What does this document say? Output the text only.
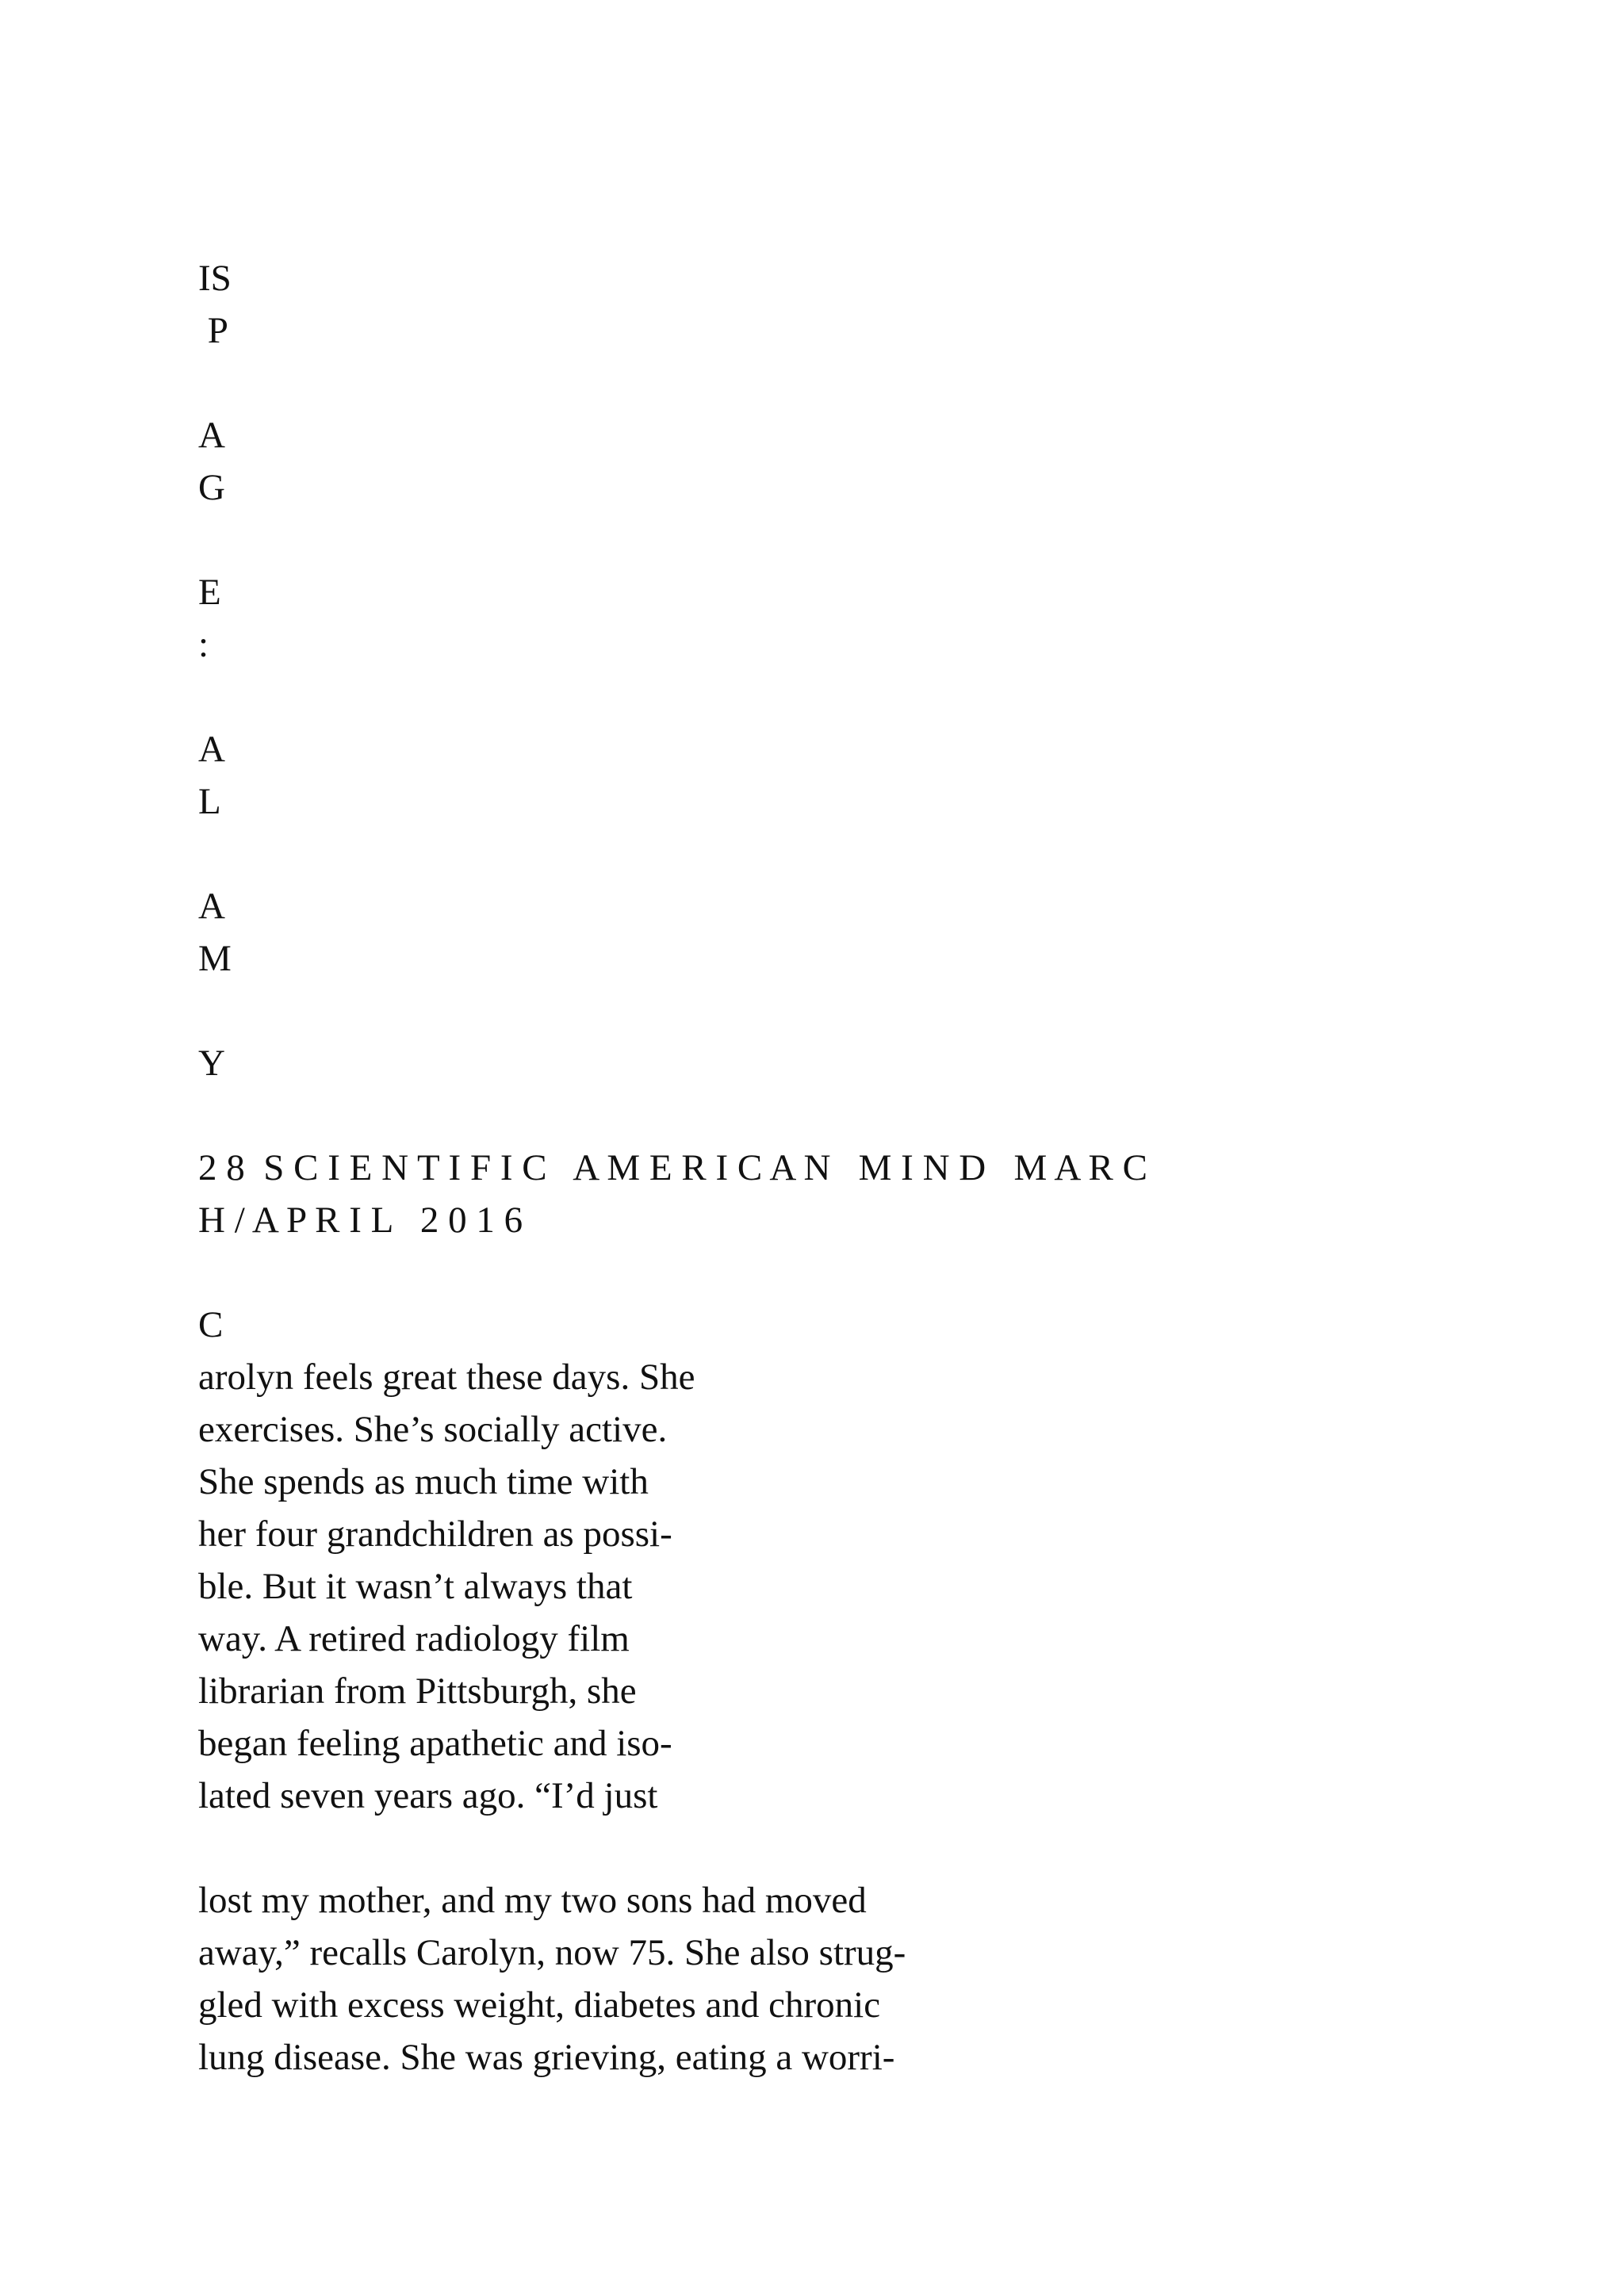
IS

P

A

G

E

:

A

L

A

M

Y

2 8  S C I E N T I F I C   A M E R I C A N   M I N D   M A R C

H / A P R I L   2 0 1 6

C

arolyn feels great these days. She

exercises. She’s socially active.

She spends as much time with

her four grandchildren as possi-

ble. But it wasn’t always that

way. A retired radiology film

librarian from Pittsburgh, she

began feeling apathetic and iso-

lated seven years ago. “I’d just

lost my mother, and my two sons had moved

away,” recalls Carolyn, now 75. She also strug-

gled with excess weight, diabetes and chronic

lung disease. She was grieving, eating a worri-
